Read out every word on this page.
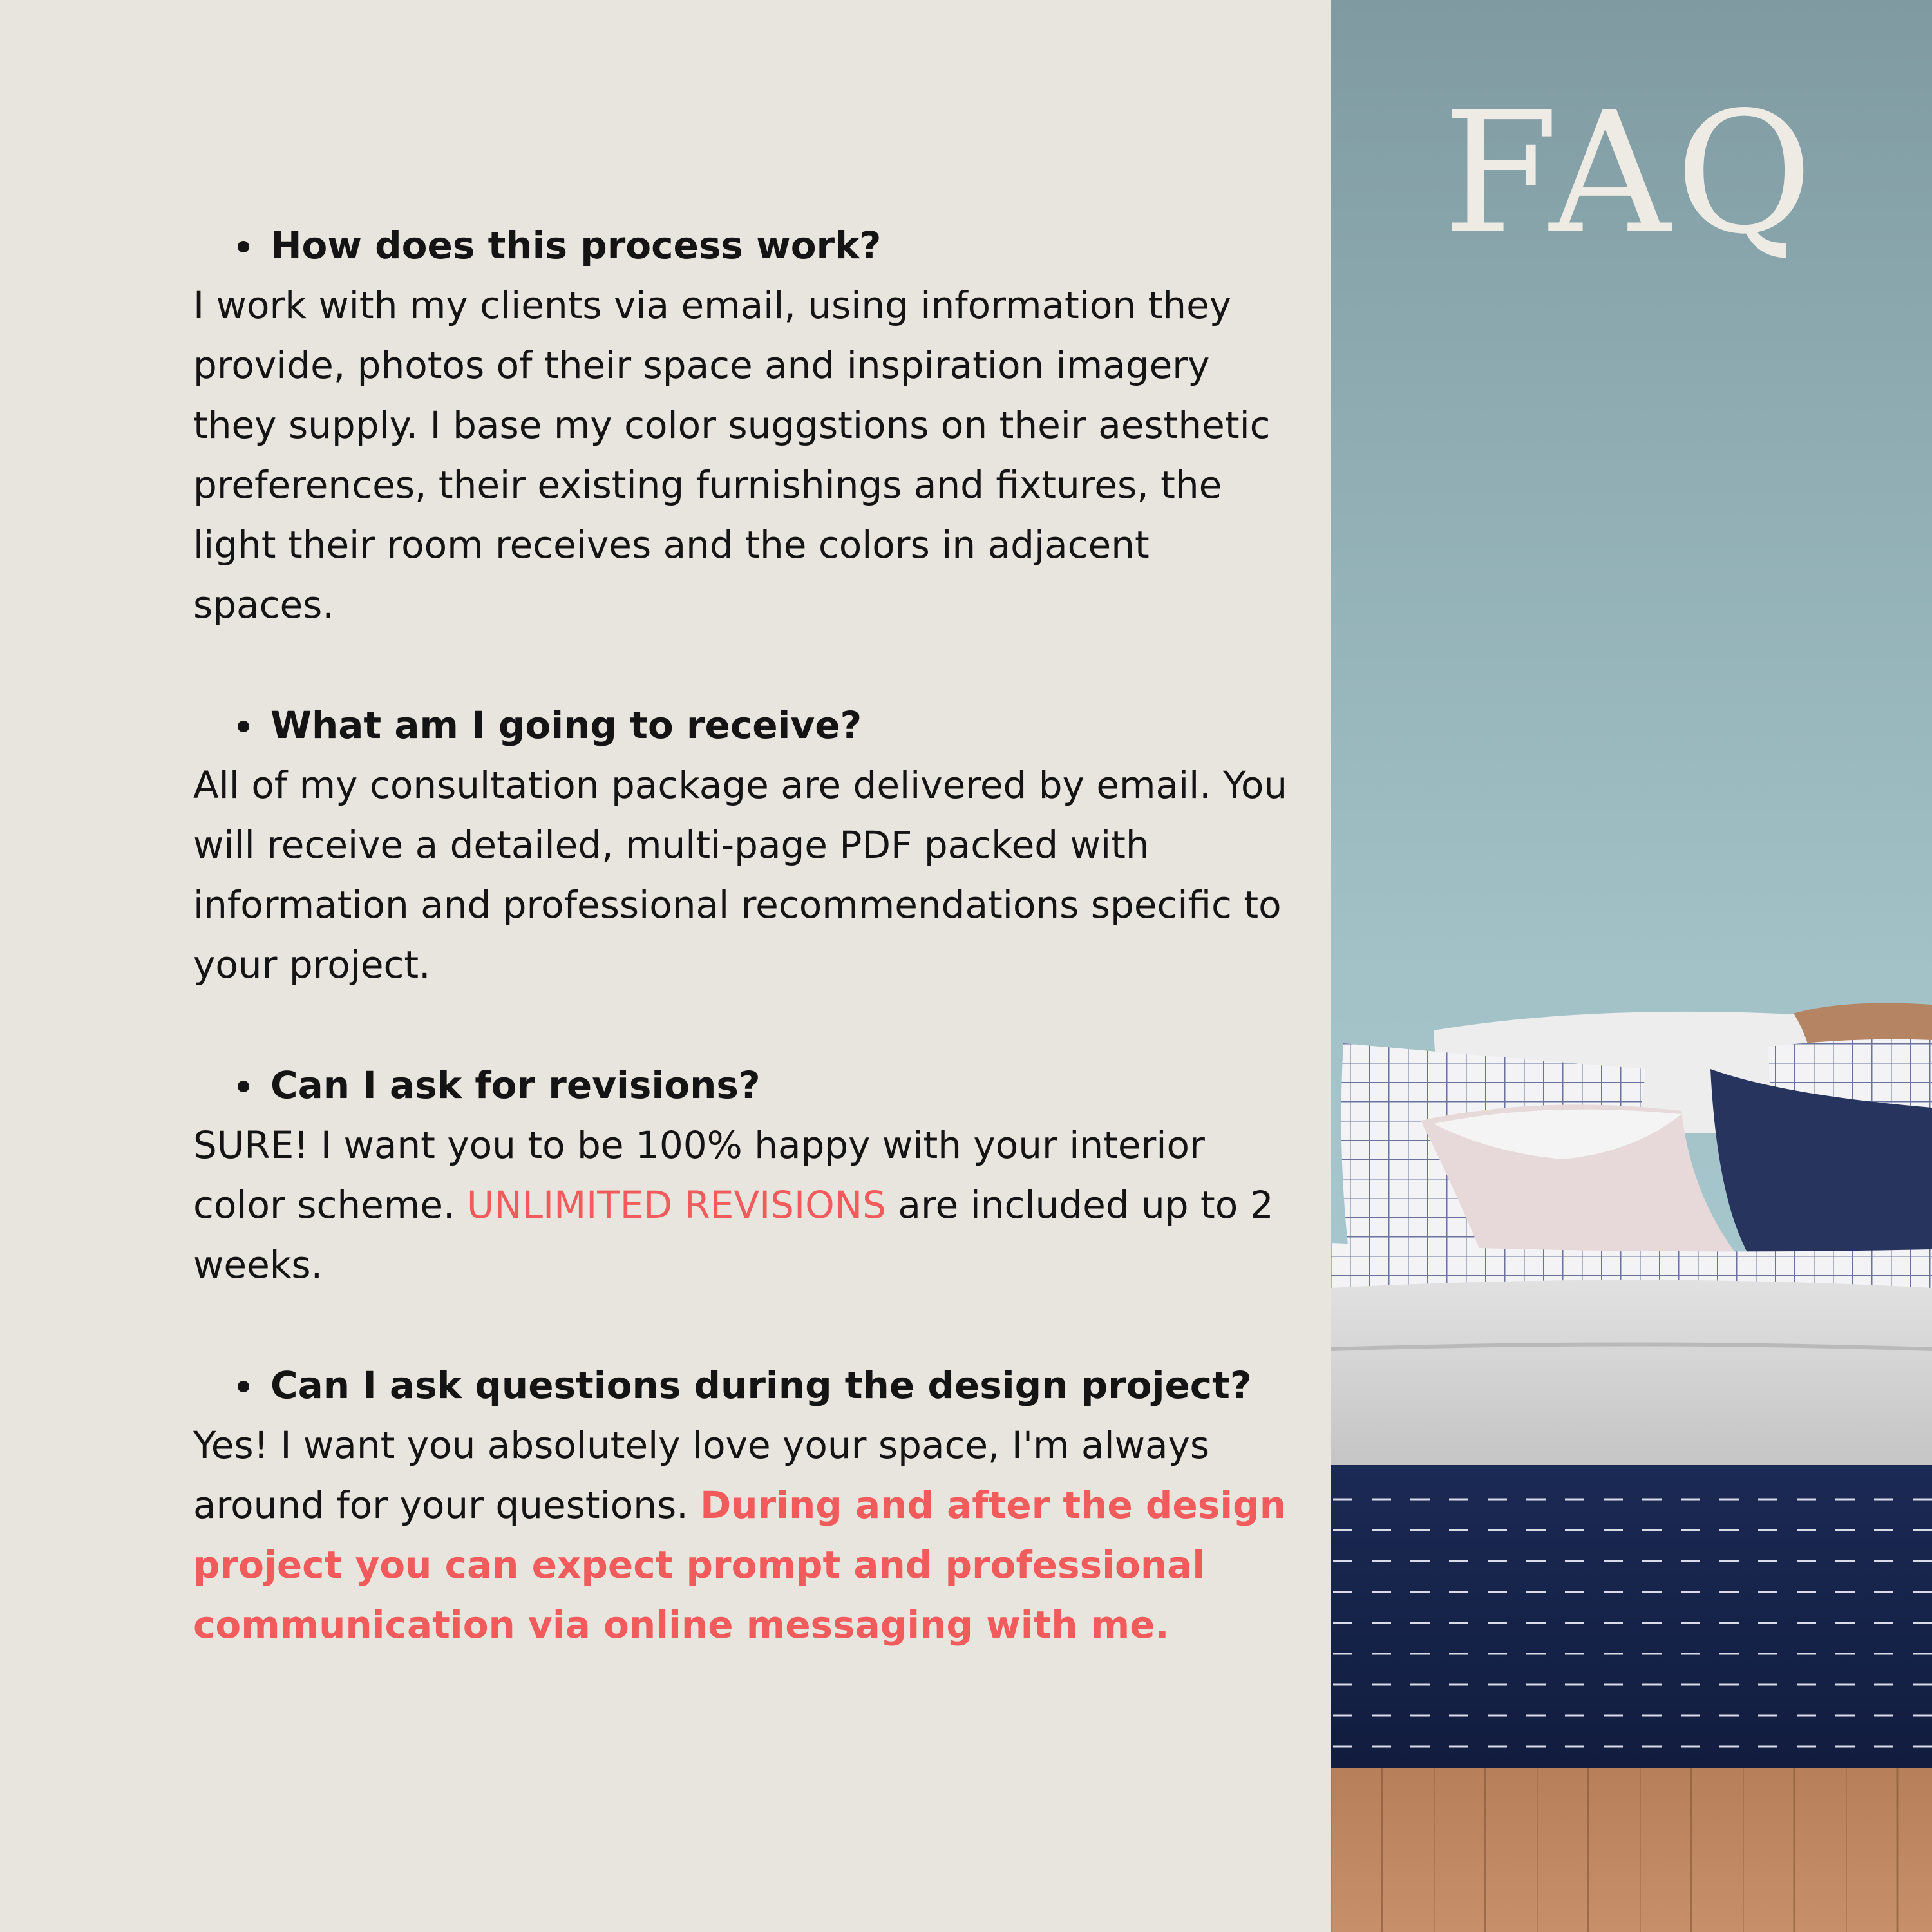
How does this process work?

I work with my clients via email, using information they provide, photos of their space and inspiration imagery they supply. I base my color suggstions on their aesthetic preferences, their existing furnishings and fixtures, the light their room receives and the colors in adjacent spaces.

What am I going to receive?

All of my consultation package are delivered by email. You will receive a detailed, multi-page PDF packed with information and professional recommendations specific to your project.

Can I ask for revisions?

SURE! I want you to be 100% happy with your interior color scheme. UNLIMITED REVISIONS are included up to 2 weeks.

Can I ask questions during the design project?

Yes! I want you absolutely love your space, I'm always around for your questions. During and after the design project you can expect prompt and professional communication via online messaging with me.

FAQ
